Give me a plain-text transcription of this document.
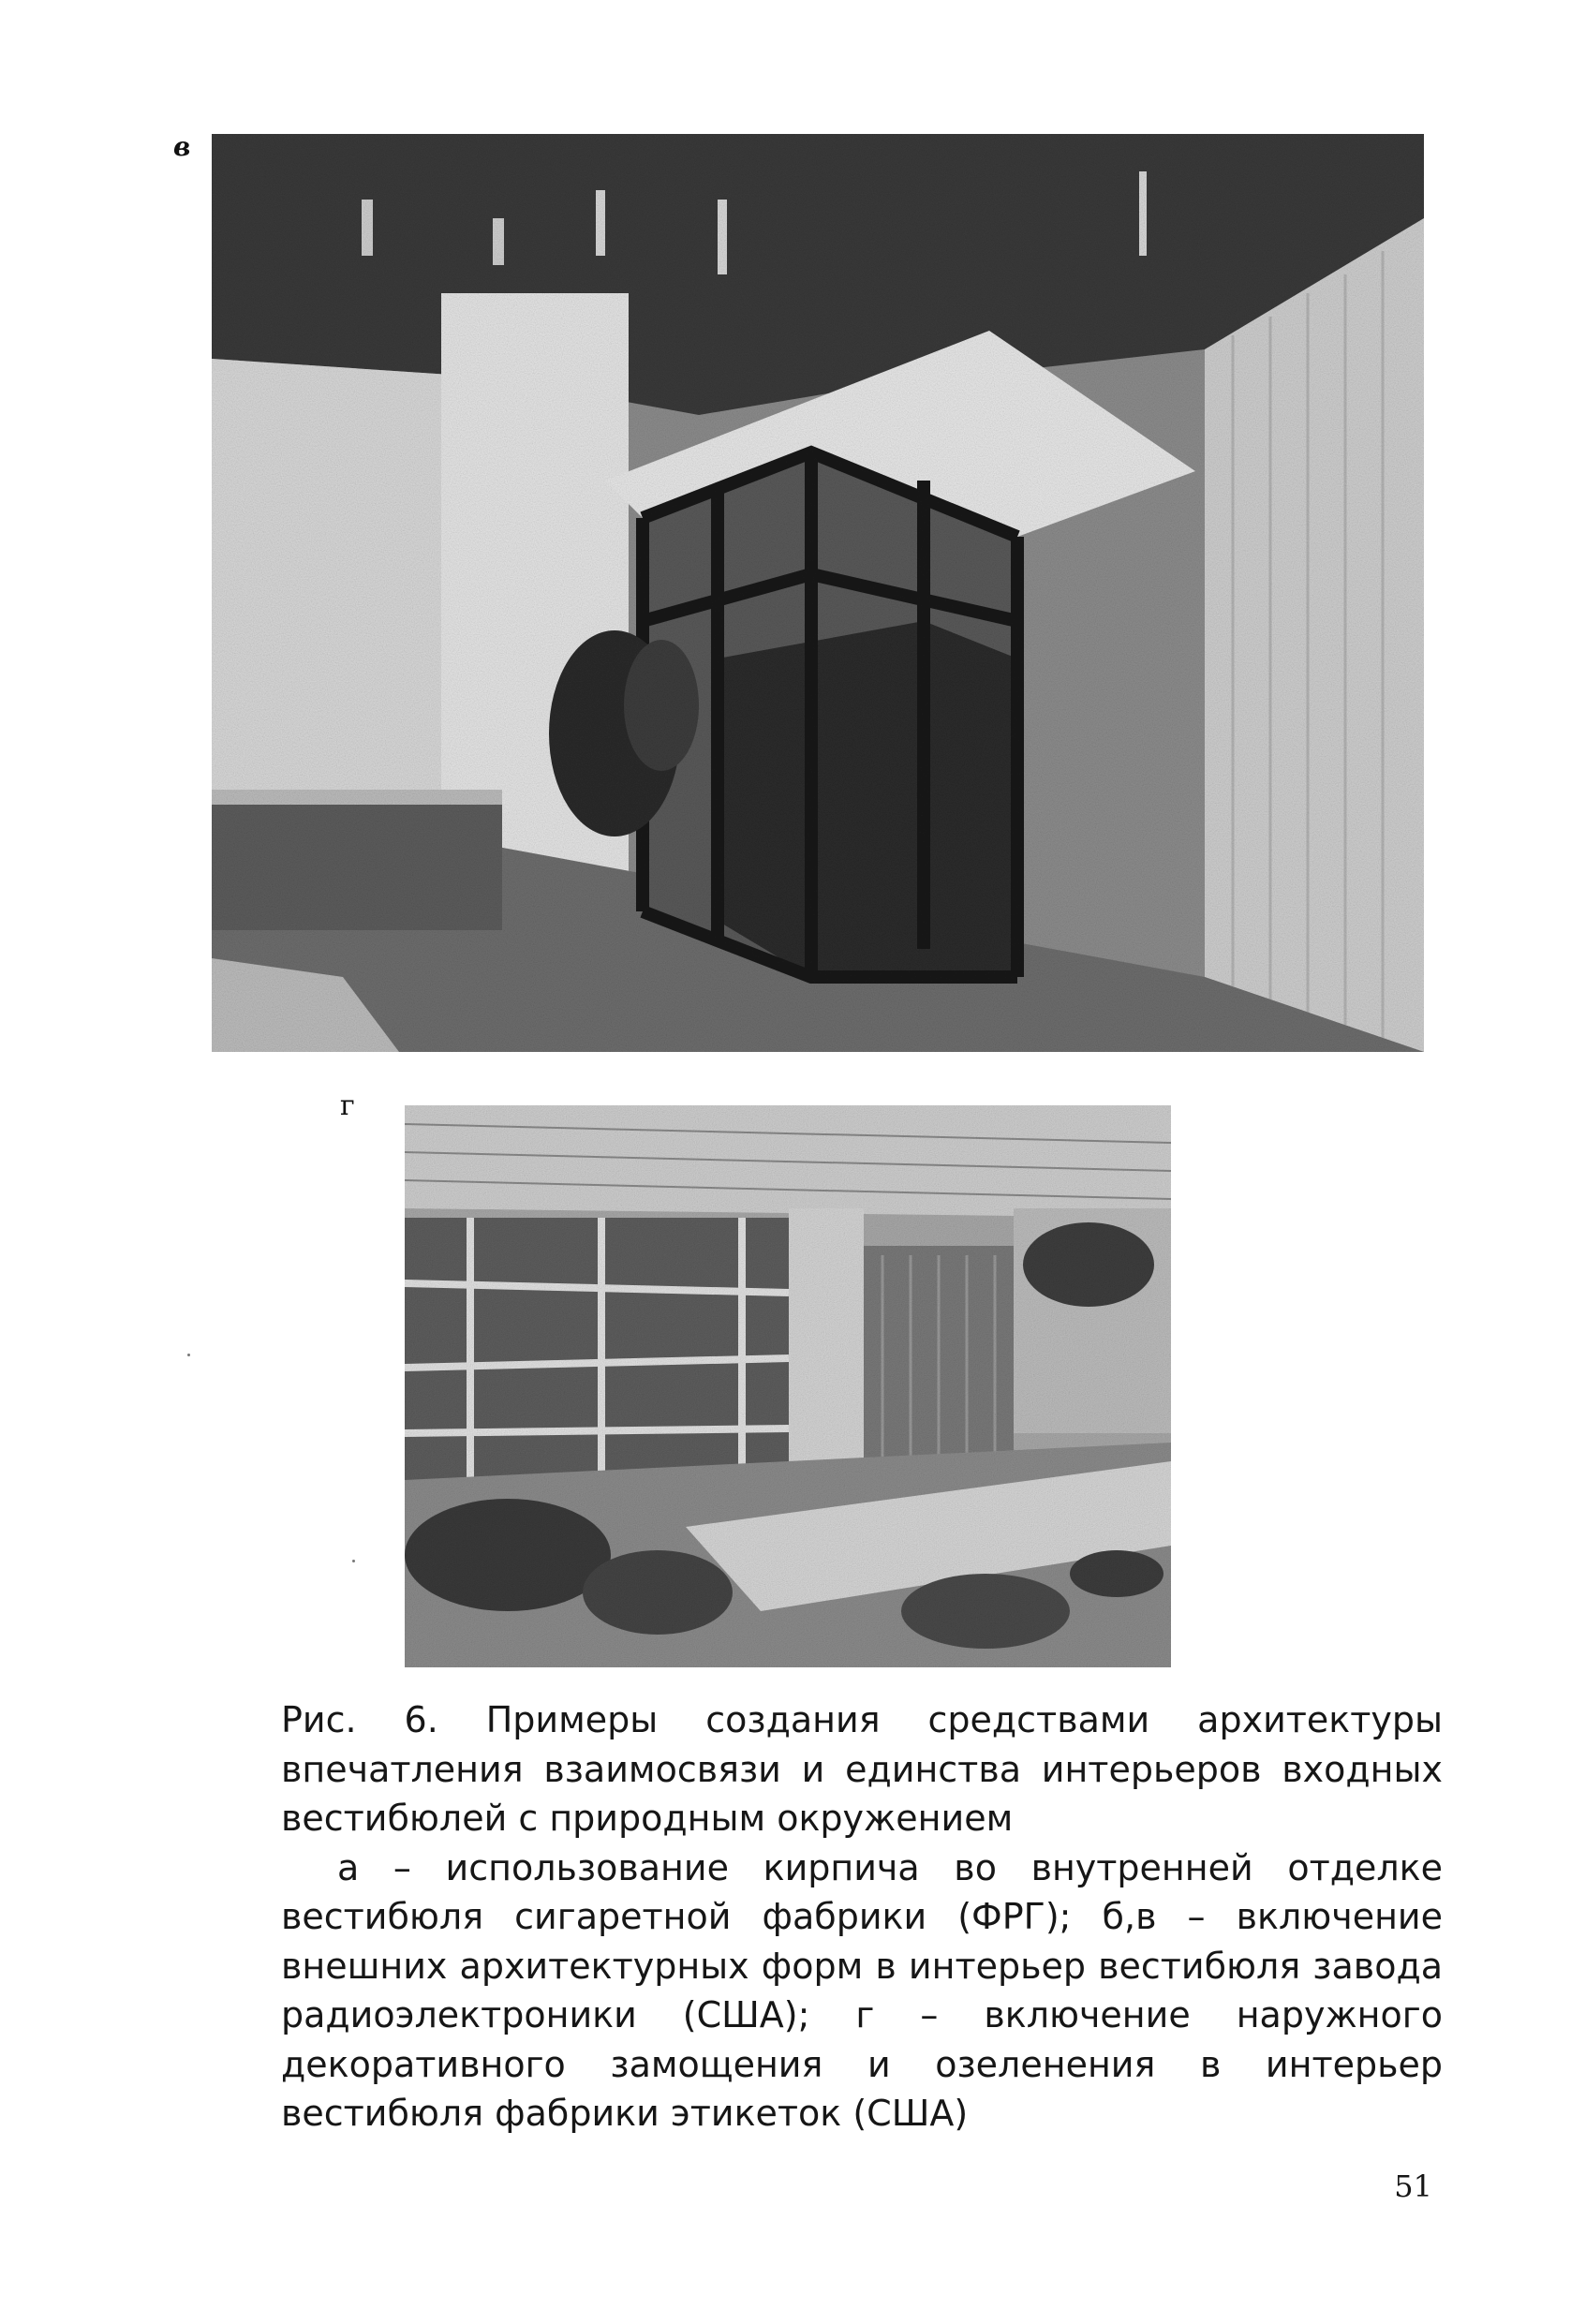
в
г

Рис. 6. Примеры создания средствами архитектуры впечатления взаимосвязи и единства интерьеров входных вестибюлей с природным окружением

а – использование кирпича во внутренней отделке вестибюля сигаретной фабрики (ФРГ); б,в – включение внешних архитектурных форм в интерьер вестибюля завода радиоэлектроники (США); г – включение наружного декоративного замощения и озеленения в интерьер вестибюля фабрики этикеток (США)

51
